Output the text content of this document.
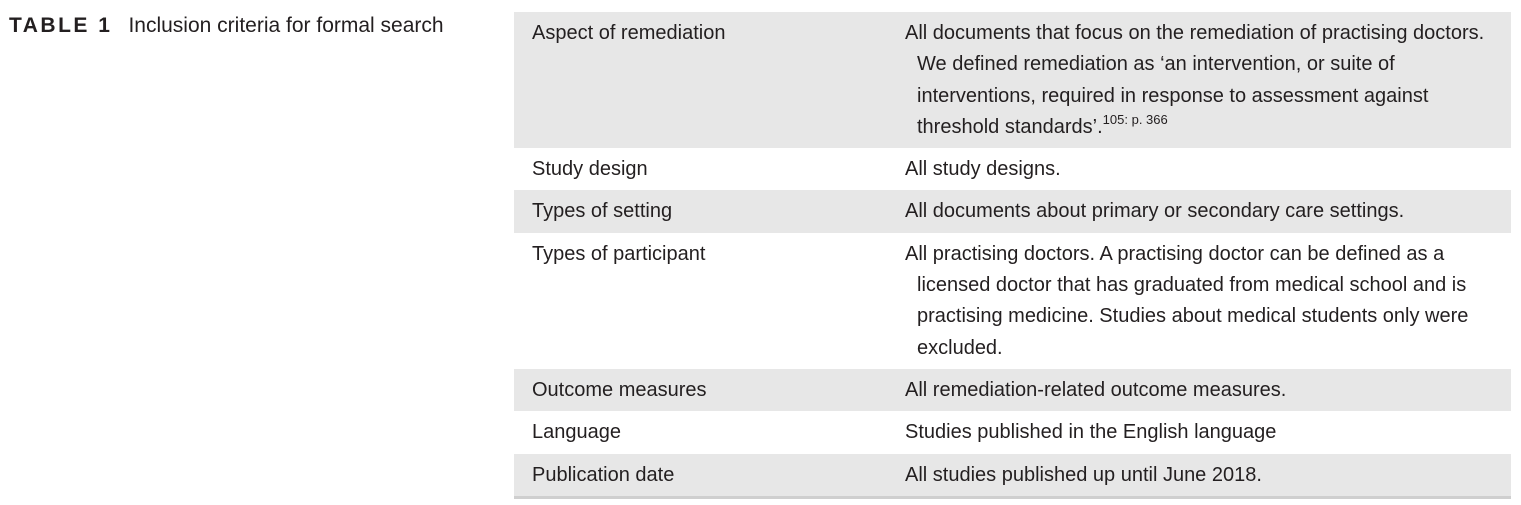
TABLE 1 Inclusion criteria for formal search	Aspect of remediation	All documents that focus on the remediation of practising doctors. We defined remediation as ‘an intervention, or suite of interventions, required in response to assessment against threshold standards’.$^{105: p. 366}$

Study design	All study designs.

Types of setting	All documents about primary or secondary care settings.

Types of participant	All practising doctors. A practising doctor can be defined as a licensed doctor that has graduated from medical school and is practising medicine. Studies about medical students only were excluded.

Outcome measures	All remediation-related outcome measures.

Language	Studies published in the English language

Publication date	All studies published up until June 2018.
